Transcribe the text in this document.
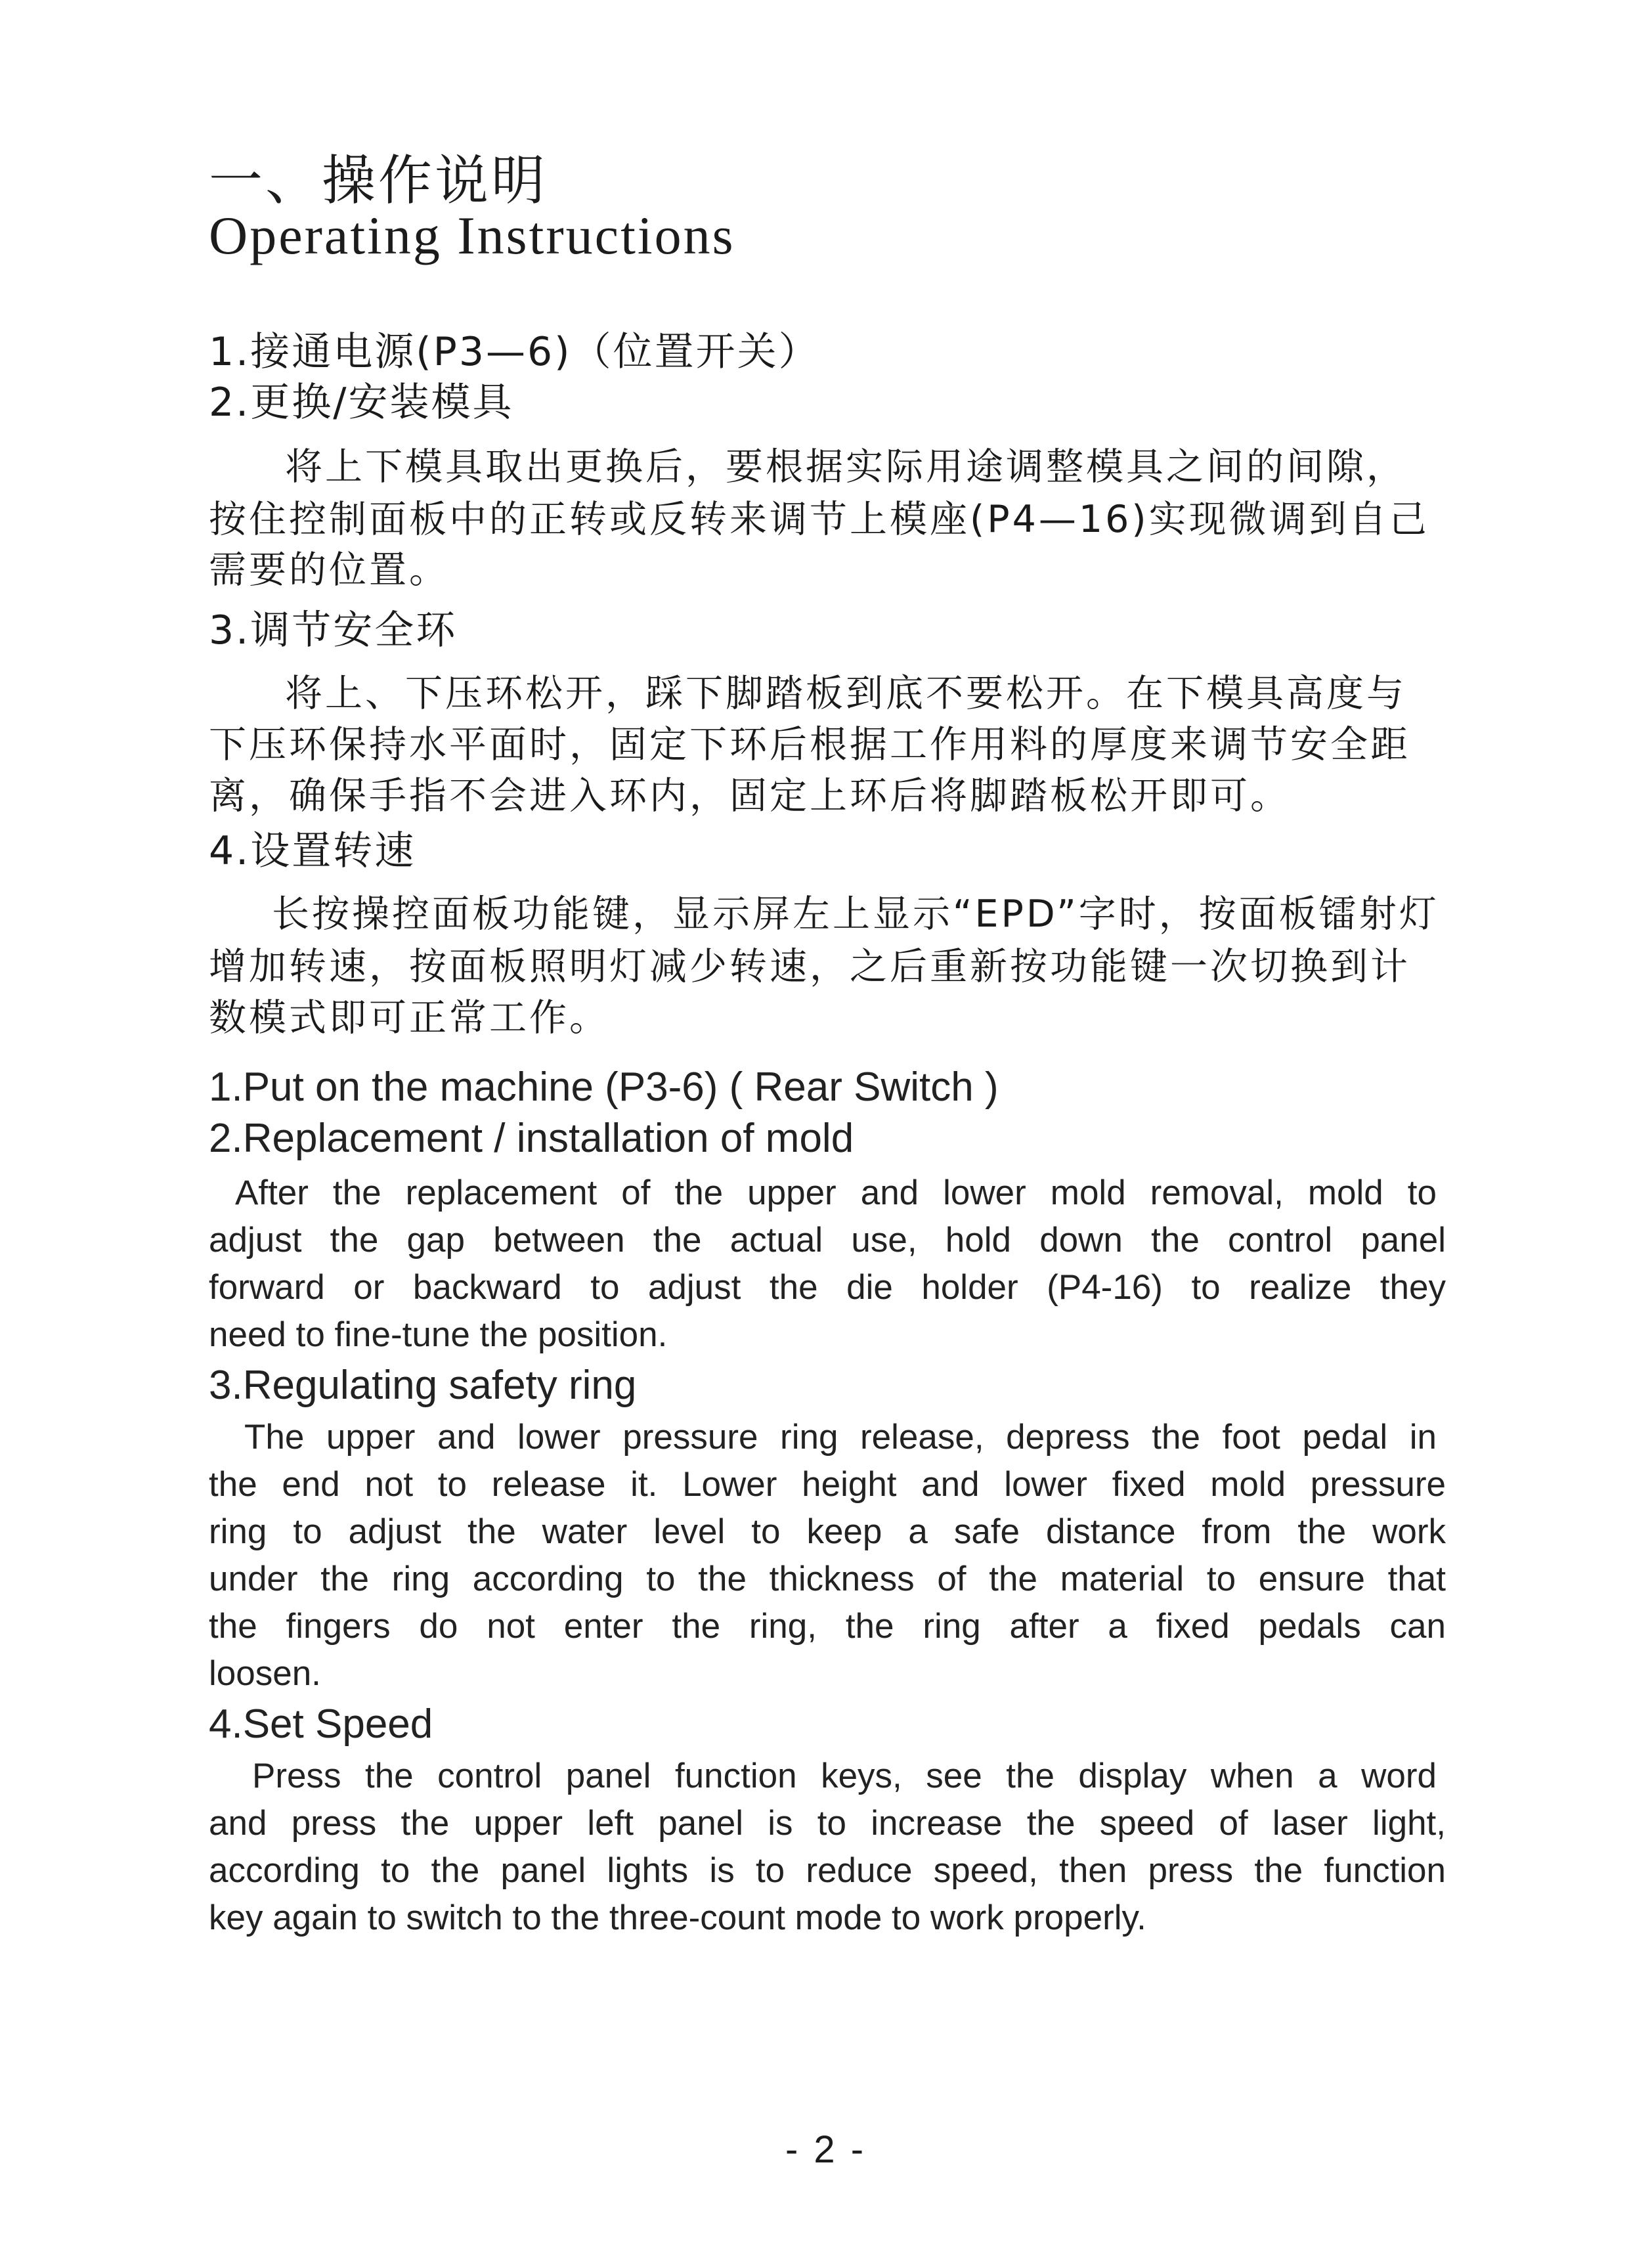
一、操作说明
Operating Instructions
1.接通电源(P3—6)（位置开关）
2.更换/安装模具
将上下模具取出更换后，要根据实际用途调整模具之间的间隙，
按住控制面板中的正转或反转来调节上模座(P4—16)实现微调到自己
需要的位置。
3.调节安全环
将上、下压环松开，踩下脚踏板到底不要松开。在下模具高度与
下压环保持水平面时，固定下环后根据工作用料的厚度来调节安全距
离，确保手指不会进入环内，固定上环后将脚踏板松开即可。
4.设置转速
长按操控面板功能键，显示屏左上显示“EPD”字时，按面板镭射灯
增加转速，按面板照明灯减少转速，之后重新按功能键一次切换到计
数模式即可正常工作。
1.Put on the machine (P3-6) ( Rear Switch )
2.Replacement / installation of mold
After the replacement of the upper and lower mold removal, mold to
adjust the gap between the actual use, hold down the control panel
forward or backward to adjust the die holder (P4-16) to realize they
need to fine-tune the position.
3.Regulating safety ring
The upper and lower pressure ring release, depress the foot pedal in
the end not to release it. Lower height and lower fixed mold pressure
ring to adjust the water level to keep a safe distance from the work
under the ring according to the thickness of the material to ensure that
the fingers do not enter the ring, the ring after a fixed pedals can
loosen.
4.Set Speed
Press the control panel function keys, see the display when a word
and press the upper left panel is to increase the speed of laser light,
according to the panel lights is to reduce speed, then press the function
key again to switch to the three-count mode to work properly.
- 2 -
